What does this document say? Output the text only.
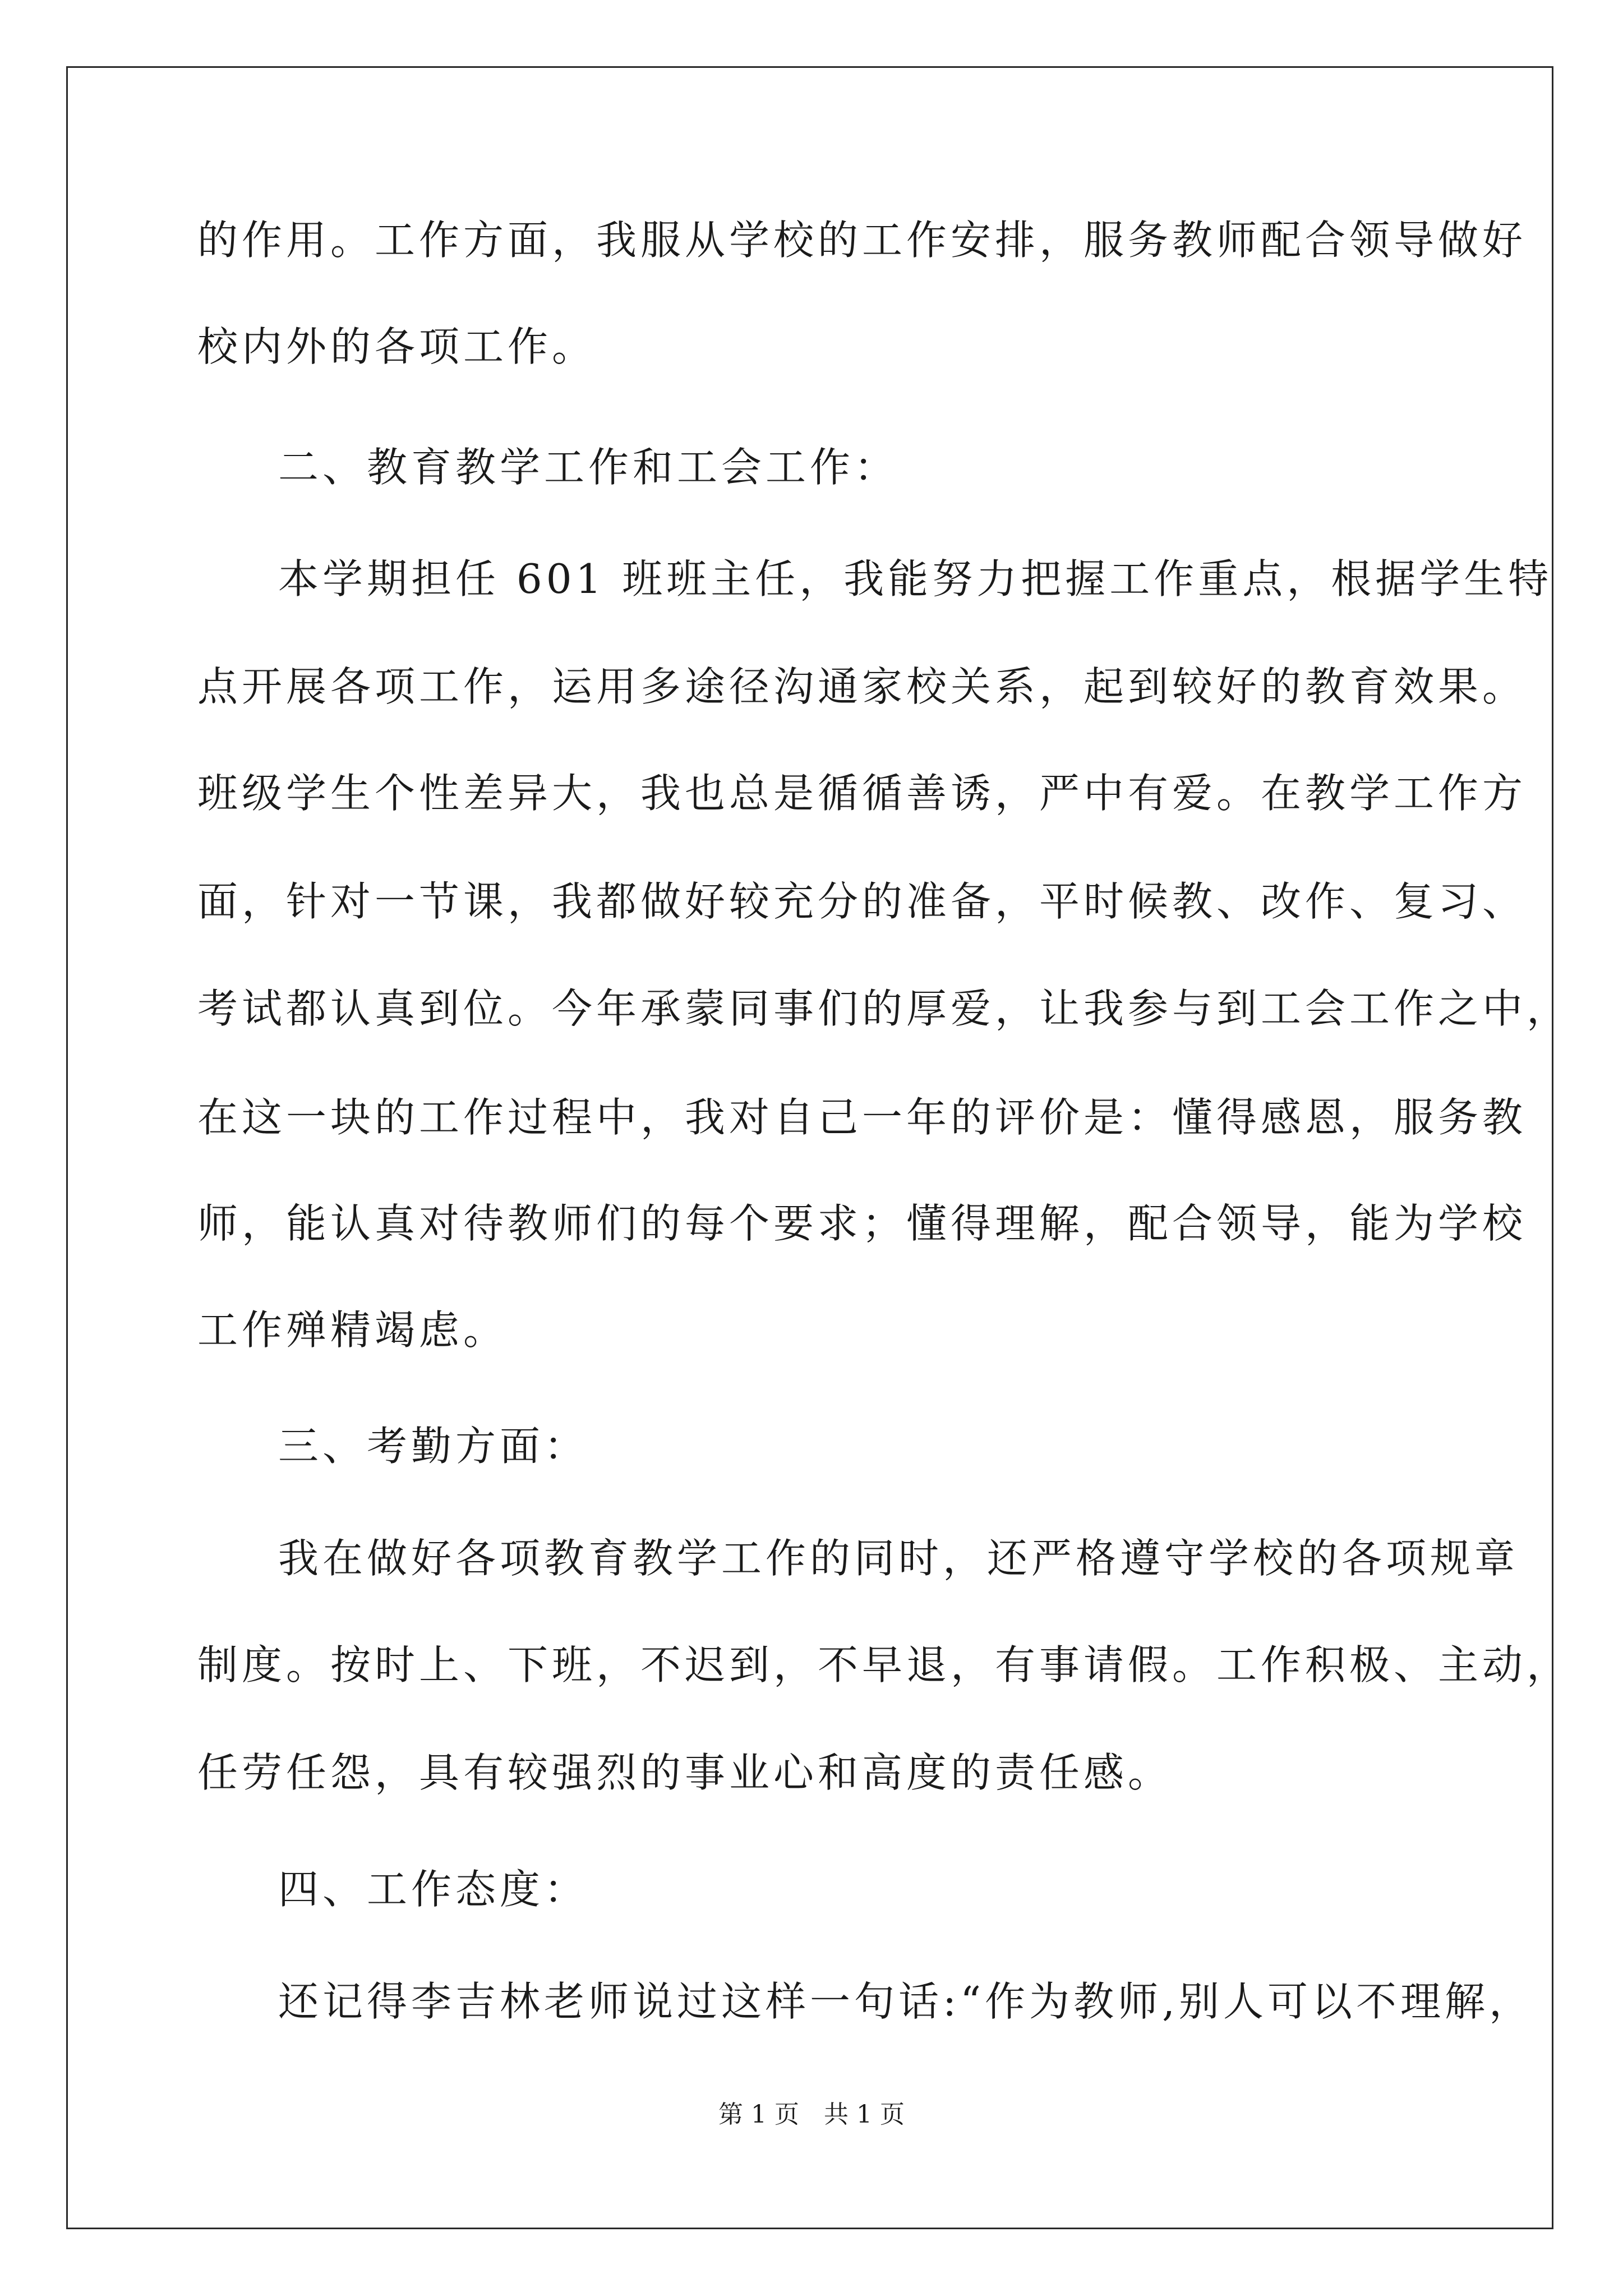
的作用。工作方面，我服从学校的工作安排，服务教师配合领导做好
校内外的各项工作。
二、教育教学工作和工会工作：
本学期担任 601 班班主任，我能努力把握工作重点，根据学生特
点开展各项工作，运用多途径沟通家校关系，起到较好的教育效果。
班级学生个性差异大，我也总是循循善诱，严中有爱。在教学工作方
面，针对一节课，我都做好较充分的准备，平时候教、改作、复习、
考试都认真到位。今年承蒙同事们的厚爱，让我参与到工会工作之中，
在这一块的工作过程中，我对自己一年的评价是：懂得感恩，服务教
师，能认真对待教师们的每个要求；懂得理解，配合领导，能为学校
工作殚精竭虑。
三、考勤方面：
我在做好各项教育教学工作的同时，还严格遵守学校的各项规章
制度。按时上、下班，不迟到，不早退，有事请假。工作积极、主动，
任劳任怨，具有较强烈的事业心和高度的责任感。
四、工作态度：
还记得李吉林老师说过这样一句话:“作为教师,别人可以不理解，
第 1 页　共 1 页
